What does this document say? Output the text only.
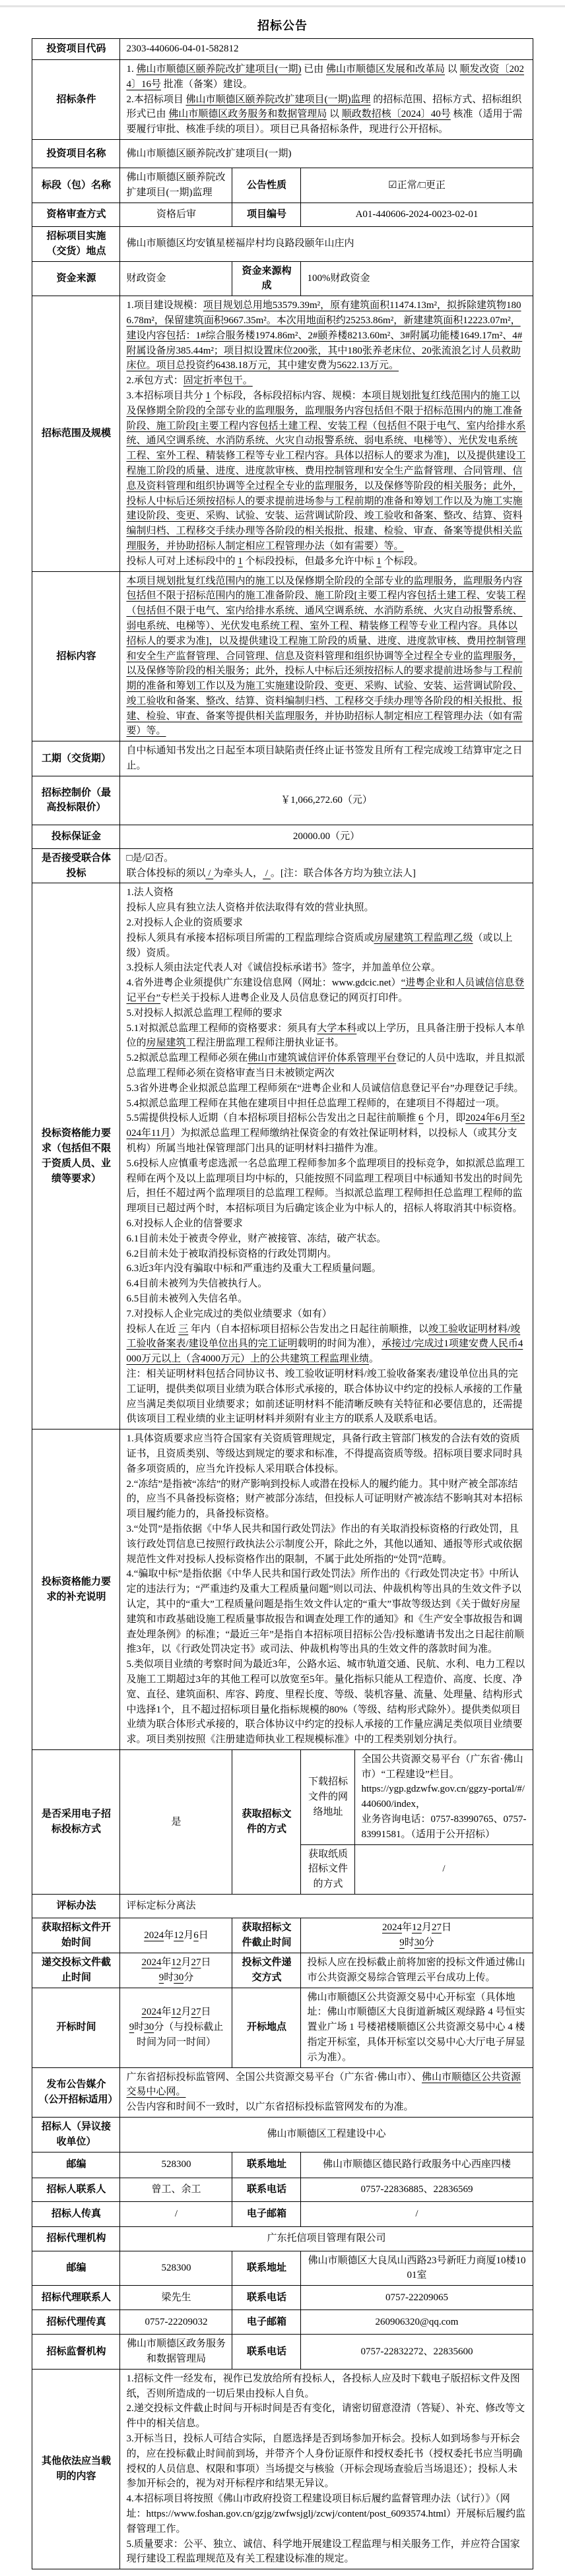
招标公告
投资项目代码	2303-440606-04-01-582812			
招标条件	1. 佛山市顺德区颐养院改扩建项目(一期) 已由 佛山市顺德区发展和改革局 以 顺发改资〔2024〕16号 批准（备案）建设。
2.本招标项目 佛山市顺德区颐养院改扩建项目(一期)监理 的招标范围、招标方式、招标组织形式已由 佛山市顺德区政务服务和数据管理局 以 顺政数招核〔2024〕40号 核准（适用于需要履行审批、核准手续的项目）。项目已具备招标条件，现进行公开招标。			

投资项目名称	佛山市顺德区颐养院改扩建项目(一期)			
标段（包）名称	佛山市顺德区颐养院改扩建项目(一期)监理	公告性质	☑正常/□更正	
资格审查方式	资格后审	项目编号	A01-440606-2024-0023-02-01	
招标项目实施（交货）地点	佛山市顺德区均安镇星槎福岸村均良路段颐年山庄内			
资金来源	财政资金	资金来源构成	100%财政资金	
招标范围及规模	1.项目建设规模：项目规划总用地53579.39m²，原有建筑面积11474.13m²，拟拆除建筑物1806.78m²，保留建筑面积9667.35m²。本次用地面积约25253.86m²，新建建筑面积12223.07m²，建设内容包括：1#综合服务楼1974.86m²、2#颐养楼8213.60m²、3#附属功能楼1649.17m²、4#附属设备房385.44m²；项目拟设置床位200张，其中180张养老床位、20张流浪乞讨人员救助床位。项目总投资约6438.18万元，其中建安费为5622.13万元。
2.承包方式：固定折率包干。
3.本招标项目共分 1 个标段，各标段招标内容、规模：本项目规划批复红线范围内的施工以及保修期全阶段的全部专业的监理服务，监理服务内容包括但不限于招标范围内的施工准备阶段、施工阶段[主要工程内容包括土建工程、安装工程（包括但不限于电气、室内给排水系统、通风空调系统、水消防系统、火灾自动报警系统、弱电系统、电梯等）、光伏发电系统工程、室外工程、精装修工程等专业工程内容。具体以招标人的要求为准]，以及提供建设工程施工阶段的质量、进度、进度款审核、费用控制管理和安全生产监督管理、合同管理、信息及资料管理和组织协调等全过程全专业的监理服务，以及保修等阶段的相关服务；此外，投标人中标后还须按招标人的要求提前进场参与工程前期的准备和筹划工作以及为施工实施建设阶段、变更、采购、试验、安装、运营调试阶段、竣工验收和备案、整改、结算、资料编制归档、工程移交手续办理等各阶段的相关报批、报建、检验、审查、备案等提供相关监理服务，并协助招标人制定相应工程管理办法（如有需要）等。
投标人可对上述标段中的 1 个标段投标，但最多允许中标 1 个标段。			

招标内容	本项目规划批复红线范围内的施工以及保修期全阶段的全部专业的监理服务，监理服务内容包括但不限于招标范围内的施工准备阶段、施工阶段[主要工程内容包括土建工程、安装工程（包括但不限于电气、室内给排水系统、通风空调系统、水消防系统、火灾自动报警系统、弱电系统、电梯等）、光伏发电系统工程、室外工程、精装修工程等专业工程内容。具体以招标人的要求为准]，以及提供建设工程施工阶段的质量、进度、进度款审核、费用控制管理和安全生产监督管理、合同管理、信息及资料管理和组织协调等全过程全专业的监理服务，以及保修等阶段的相关服务；此外，投标人中标后还须按招标人的要求提前进场参与工程前期的准备和筹划工作以及为施工实施建设阶段、变更、采购、试验、安装、运营调试阶段、竣工验收和备案、整改、结算、资料编制归档、工程移交手续办理等各阶段的相关报批、报建、检验、审查、备案等提供相关监理服务，并协助招标人制定相应工程管理办法（如有需要）等。			

工期（交货期）	自中标通知书发出之日起至本项目缺陷责任终止证书签发且所有工程完成竣工结算审定之日止。			
招标控制价（最高投标限价）	￥1,066,272.60（元）			
投标保证金	20000.00（元）			
是否接受联合体投标	□是/☑否。
联合体投标的须以 / 为牵头人， / 。[注：联合体各方均为独立法人]			

投标资格能力要求（包括但不限于资质人员、业绩等要求）	
1.法人资格
投标人应具有独立法人资格并依法取得有效的营业执照。
2.对投标人企业的资质要求
投标人须具有承接本招标项目所需的工程监理综合资质或房屋建筑工程监理乙级（或以上级）资质。
3.投标人须由法定代表人对《诚信投标承诺书》签字，并加盖单位公章。
4.省外进粤企业须提供广东建设信息网（网址：www.gdcic.net）“进粤企业和人员诚信信息登记平台”专栏关于投标人进粤企业及人员信息登记的网页打印件。
5.对投标人拟派总监理工程师的要求
5.1对拟派总监理工程师的资格要求：须具有大学本科或以上学历，且具备注册于投标人本单位的房屋建筑工程注册监理工程师注册执业证书。
5.2拟派总监理工程师必须在佛山市建筑诚信评价体系管理平台登记的人员中选取，并且拟派总监理工程师必须在资格审查当日未被锁定两次
5.3省外进粤企业拟派总监理工程师须在“进粤企业和人员诚信信息登记平台”办理登记手续。
5.4拟派总监理工程师在其他在建项目中担任总监理工程师的，在建项目不得超过一项。
5.5需提供投标人近期（自本招标项目招标公告发出之日起往前顺推 6 个月，即2024年6月至2024年11月）为拟派总监理工程师缴纳社保资金的有效社保证明材料，以投标人（或其分支机构）所属当地社保管理部门出具的证明材料扫描件为准。
5.6投标人应慎重考虑选派一名总监理工程师参加多个监理项目的投标竞争，如拟派总监理工程师在两个及以上监理项目均中标的，只能按照不同监理工程项目中标通知书发出的时间先后，担任不超过两个监理项目的总监理工程师。当拟派总监理工程师担任总监理工程师的监理项目已超过两个时，本招标项目为后确定该企业为中标人的，招标人将取消其中标资格。
6.对投标人企业的信誉要求
6.1目前未处于被责令停业，财产被接管、冻结，破产状态。
6.2目前未处于被取消投标资格的行政处罚期内。
6.3近3年内没有骗取中标和严重违约及重大工程质量问题。
6.4目前未被列为失信被执行人。
6.5目前未被列入失信名单。
7.对投标人企业完成过的类似业绩要求（如有）
投标人在近 三 年内（自本招标项目招标公告发出之日起往前顺推，以竣工验收证明材料/竣工验收备案表/建设单位出具的完工证明载明的时间为准），承接过/完成过1项建安费人民币4000万元以上（含4000万元）上的公共建筑工程监理业绩。
注：相关证明材料包括合同协议书、竣工验收证明材料/竣工验收备案表/建设单位出具的完工证明，提供类似项目业绩为联合体形式承接的，联合体协议中约定的投标人承接的工作量应当满足类似项目业绩要求；如前述证明材料不能清晰反映有关特征和必要信息的，还需提供该项目工程业绩的业主证明材料并须附有业主方的联系人及联系电话。

投标资格能力要求的补充说明	1.具体资质要求应当符合国家有关资质管理规定，具备行政主管部门核发的合法有效的资质证书，且资质类别、等级达到规定的要求和标准，不得提高资质等级。招标项目要求同时具备多项资质的，应当允许投标人采用联合体投标。
2.“冻结”是指被“冻结”的财产影响到投标人或潜在投标人的履约能力。其中财产被全部冻结的，应当不具备投标资格；财产被部分冻结，但投标人可证明财产被冻结不影响其对本招标项目履约能力的，具备投标资格。
3.“处罚”是指依据《中华人民共和国行政处罚法》作出的有关取消投标资格的行政处罚，且该行政处罚信息已按照行政执法公示制度公开，除此之外，其他以通知、通报等形式或依据规范性文件对投标人投标资格作出的限制，不属于此处所指的“处罚”范畴。
4.“骗取中标”是指依据《中华人民共和国行政处罚法》所作出的《行政处罚决定书》中所认定的违法行为；“严重违约及重大工程质量问题”则以司法、仲裁机构等出具的生效文件予以认定，其中的“重大”工程质量问题是指生效文件认定的“重大”事故等级达到《关于做好房屋建筑和市政基础设施工程质量事故报告和调查处理工作的通知》和《生产安全事故报告和调查处理条例》的标准；“最近三年”是指自本招标项目招标公告/投标邀请书发出之日起往前顺推3年，以《行政处罚决定书》或司法、仲裁机构等出具的生效文件的落款时间为准。
5.类似项目业绩的考察时间为最近3年，公路水运、城市轨道交通、民航、水利、电力工程以及施工工期超过3年的其他工程可以放宽至5年。量化指标只能从工程造价、高度、长度、净宽、直径、建筑面积、库容、跨度、里程长度、等级、装机容量、流量、处理量、结构形式中选择1个，且不超过招标项目量化指标规模的80%（等级、结构形式除外）。提供类似项目业绩为联合体形式承接的，联合体协议中约定的投标人承接的工作量应满足类似项目业绩要求。项目类别按照《注册建造师执业工程规模标准》中的工程类别划分执行。			

是否采用电子招标投标方式	是	获取招标文件的方式	下载招标文件的网络地址	全国公共资源交易平台（广东省·佛山市）“工程建设”栏目。
https://ygp.gdzwfw.gov.cn/ggzy-portal/#/440600/index，
业务咨询电话：0757-83990765、0757-83991581。（适用于公开招标）

			获取纸质招标文件的方式	/
评标办法	评标定标分离法			
获取招标文件开始时间	2024年12月6日	获取招标文件截止时间	2024年12月27日
9时30分	

递交投标文件截止时间	2024年12月27日
9时30分	投标文件递交方式	投标人应在投标截止前将加密的投标文件通过佛山市公共资源交易综合管理云平台成功上传。	
开标时间	2024年12月27日
9时30分（与投标截止时间为同一时间）	开标地点	佛山市顺德区公共资源交易中心开标室（具体地址：佛山市顺德区大良街道新城区观绿路 4 号恒实置业广场 1 号楼裙楼顺德区公共资源交易中心 4 楼指定开标室，具体开标室以交易中心大厅电子屏显示为准）。	
发布公告媒介（公开招标适用）	广东省招标投标监管网、全国公共资源交易平台（广东省·佛山市）、佛山市顺德区公共资源交易中心网。
公告内容和时间不一致时，以广东省招标投标监管网发布的为准。			

招标人（异议接收单位）	佛山市顺德区工程建设中心			
邮编	528300	联系地址	佛山市顺德区德民路行政服务中心西座四楼	
招标人联系人	曾工、余工	联系电话	0757-22836885、22836569	
招标人传真	/	电子邮箱	/	
招标代理机构	广东托信项目管理有限公司			
邮编	528300	联系地址	佛山市顺德区大良凤山西路23号新旺力商厦10楼1001室	
招标代理联系人	梁先生	联系电话	0757-22209065	
招标代理传真	0757-22209032	电子邮箱	260906320@qq.com	
招标监督机构	佛山市顺德区政务服务和数据管理局	联系电话	0757-22832272、22835600	
其他依法应当载明的内容	1.招标文件一经发布，视作已发放给所有投标人，各投标人应及时下载电子版招标文件及图纸，否则所造成的一切后果由投标人自负。
2.递交投标文件截止时间与开标时间是否有变化，请密切留意澄清（答疑）、补充、修改等文件中的相关信息。
3.开标当日，投标人可结合实际，自愿选择是否到场参加开标会。投标人如到场参与开标会的，应在投标截止时间前到场，并带齐个人身份证原件和授权委托书（授权委托书应当明确授权的人员信息、权限和事项）当场提交与核验（开标会现场查验后当场退还）；投标人未参加开标会的，视为对开标程序和结果无异议。
4.本招标项目将按照《佛山市政府投资工程建设项目标后履约监督管理办法（试行）》（网址：https://www.foshan.gov.cn/gzjg/zwfwsjglj/zcwj/content/post_6093574.html）开展标后履约监督管理工作。
5.质量要求：公平、独立、诚信、科学地开展建设工程监理与相关服务工作，并应符合国家现行建设工程监理规范及有关工程建设标准的规定。			
